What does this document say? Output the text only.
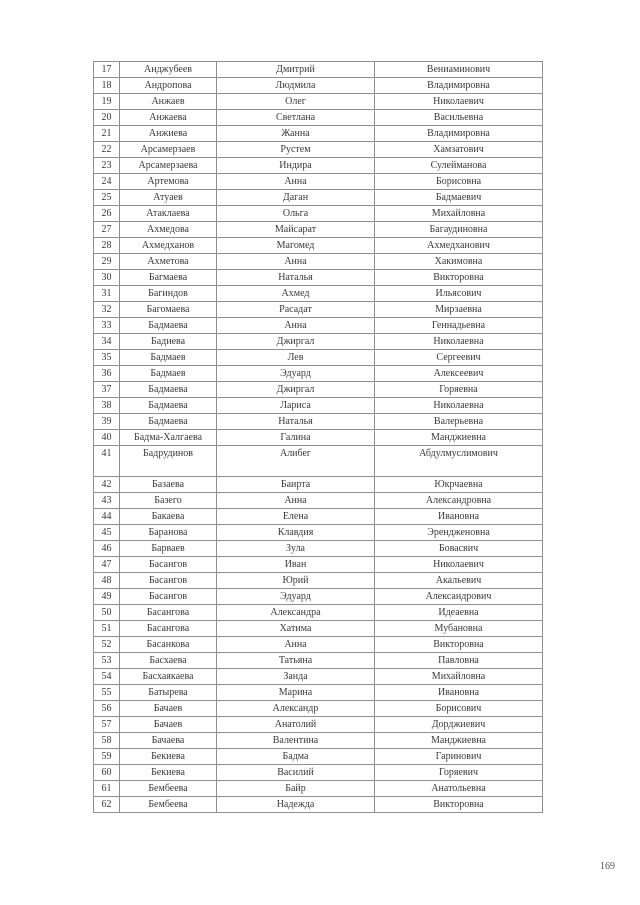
17	Анджубеев	Дмитрий	Вениаминович
18	Андропова	Людмила	Владимировна
19	Анжаев	Олег	Николаевич
20	Анжаева	Светлана	Васильевна
21	Анжиева	Жанна	Владимировна
22	Арсамерзаев	Рустем	Хамзатович
23	Арсамерзаева	Индира	Сулейманова
24	Артемова	Анна	Борисовна
25	Атуаев	Даган	Бадмаевич
26	Атаклаева	Ольга	Михайловна
27	Ахмедова	Майсарат	Багаудиновна
28	Ахмедханов	Магомед	Ахмедханович
29	Ахметова	Анна	Хакимовна
30	Багмаева	Наталья	Викторовна
31	Багиндов	Ахмед	Ильясович
32	Багомаева	Расадат	Мирзаевна
33	Бадмаева	Анна	Геннадьевна
34	Бадиева	Джиргал	Николаевна
35	Бадмаев	Лев	Сергеевич
36	Бадмаев	Эдуард	Алексеевич
37	Бадмаева	Джиргал	Горяевна
38	Бадмаева	Лариса	Николаевна
39	Бадмаева	Наталья	Валерьевна
40	Бадма-Халгаева	Галина	Манджиевна
41	Бадрудинов	Алибег	Абдулмуслимович
42	Базаева	Баирта	Юкрчаевна
43	Базего	Анна	Александровна
44	Бакаева	Елена	Ивановна
45	Баранова	Клавдия	Эрендженовна
46	Барваев	Зула	Бовасвич
47	Басангов	Иван	Николаевич
48	Басангов	Юрий	Акальевич
49	Басангов	Эдуард	Александрович
50	Басангова	Александра	Идеаевна
51	Басангова	Хатима	Мубановна
52	Басанкова	Анна	Викторовна
53	Басхаева	Татьяна	Павловна
54	Басхаякаева	Занда	Михайловна
55	Батырева	Марина	Ивановна
56	Бачаев	Александр	Борисович
57	Бачаев	Анатолий	Дорджиевич
58	Бачаева	Валентина	Манджиевна
59	Бекиева	Бадма	Гаринович
60	Бекиева	Василий	Горяевич
61	Бембеева	Байр	Анатольевна
62	Бембеева	Надежда	Викторовна
169
